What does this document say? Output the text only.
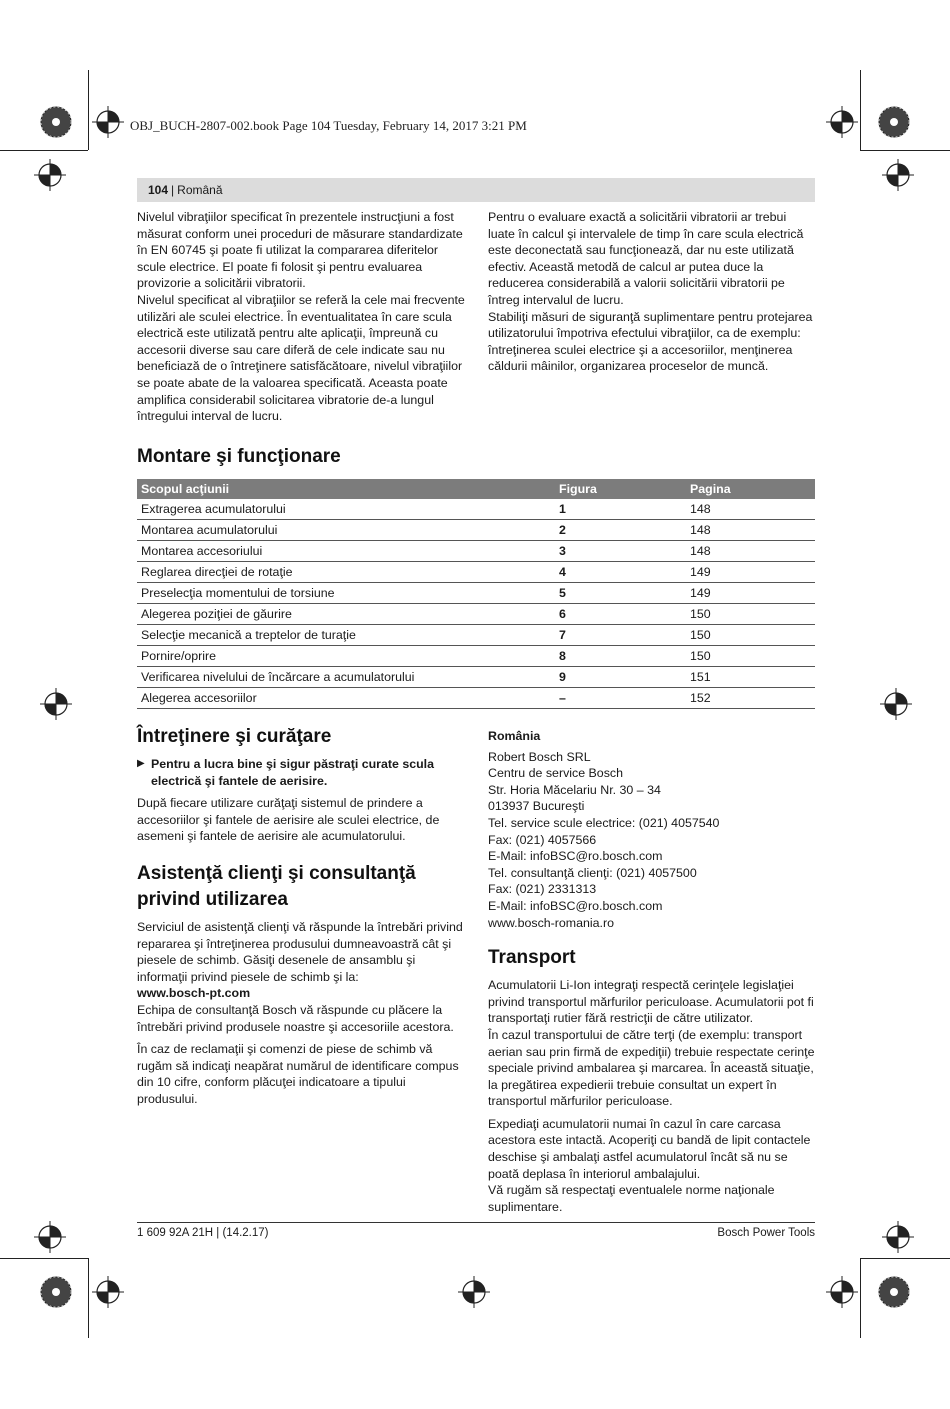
OBJ_BUCH-2807-002.book Page 104 Tuesday, February 14, 2017 3:21 PM
104 | Română

Nivelul vibraţiilor specificat în prezentele instrucţiuni a fost măsurat conform unei proceduri de măsurare standardizate în EN 60745 şi poate fi utilizat la compararea diferitelor scule electrice. El poate fi folosit şi pentru evaluarea provizorie a solicitării vibratorii.

Nivelul specificat al vibraţiilor se referă la cele mai frecvente utilizări ale sculei electrice. În eventualitatea în care scula electrică este utilizată pentru alte aplicaţii, împreună cu accesorii diverse sau care diferă de cele indicate sau nu beneficiază de o întreţinere satisfăcătoare, nivelul vibraţiilor se poate abate de la valoarea specificată. Aceasta poate amplifica considerabil solicitarea vibratorie de-a lungul întregului interval de lucru.

Pentru o evaluare exactă a solicitării vibratorii ar trebui luate în calcul şi intervalele de timp în care scula electrică este deconectată sau funcţionează, dar nu este utilizată efectiv. Această metodă de calcul ar putea duce la reducerea considerabilă a valorii solicitării vibratorii pe întreg intervalul de lucru.

Stabiliţi măsuri de siguranţă suplimentare pentru protejarea utilizatorului împotriva efectului vibraţiilor, ca de exemplu: întreţinerea sculei electrice şi a accesoriilor, menţinerea căldurii mâinilor, organizarea proceselor de muncă.

Montare şi funcţionare
Scopul acţiunii	Figura	Pagina
Extragerea acumulatorului	1	148
Montarea acumulatorului	2	148
Montarea accesoriului	3	148
Reglarea direcţiei de rotaţie	4	149
Preselecţia momentului de torsiune	5	149
Alegerea poziţiei de găurire	6	150
Selecţie mecanică a treptelor de turaţie	7	150
Pornire/oprire	8	150
Verificarea nivelului de încărcare a acumulatorului	9	151
Alegerea accesoriilor	–	152
Întreţinere şi curăţare
▶ Pentru a lucra bine şi sigur păstraţi curate scula electrică şi fantele de aerisire.

După fiecare utilizare curăţaţi sistemul de prindere a accesoriilor şi fantele de aerisire ale sculei electrice, de asemeni şi fantele de aerisire ale acumulatorului.

Asistenţă clienţi şi consultanţă privind utilizarea

Serviciul de asistenţă clienţi vă răspunde la întrebări privind repararea şi întreţinerea produsului dumneavoastră cât şi piesele de schimb. Găsiţi desenele de ansamblu şi informaţii privind piesele de schimb şi la:

www.bosch-pt.com

Echipa de consultanţă Bosch vă răspunde cu plăcere la întrebări privind produsele noastre şi accesoriile acestora.

În caz de reclamaţii şi comenzi de piese de schimb vă rugăm să indicaţi neapărat numărul de identificare compus din 10 cifre, conform plăcuţei indicatoare a tipului produsului.

România

Robert Bosch SRL

Centru de service Bosch

Str. Horia Măcelariu Nr. 30 – 34

013937 Bucureşti

Tel. service scule electrice: (021) 4057540

Fax: (021) 4057566

E-Mail: infoBSC@ro.bosch.com

Tel. consultanţă clienţi: (021) 4057500

Fax: (021) 2331313

E-Mail: infoBSC@ro.bosch.com

www.bosch-romania.ro

Transport

Acumulatorii Li-Ion integraţi respectă cerinţele legislaţiei privind transportul mărfurilor periculoase. Acumulatorii pot fi transportaţi rutier fără restricţii de către utilizator.

În cazul transportului de către terţi (de exemplu: transport aerian sau prin firmă de expediţii) trebuie respectate cerinţe speciale privind ambalarea şi marcarea. În această situaţie, la pregătirea expedierii trebuie consultat un expert în transportul mărfurilor periculoase.

Expediaţi acumulatorii numai în cazul în care carcasa acestora este intactă. Acoperiţi cu bandă de lipit contactele deschise şi ambalaţi astfel acumulatorul încât să nu se poată deplasa în interiorul ambalajului.

Vă rugăm să respectaţi eventualele norme naţionale suplimentare.

1 609 92A 21H | (14.2.17)	Bosch Power Tools
